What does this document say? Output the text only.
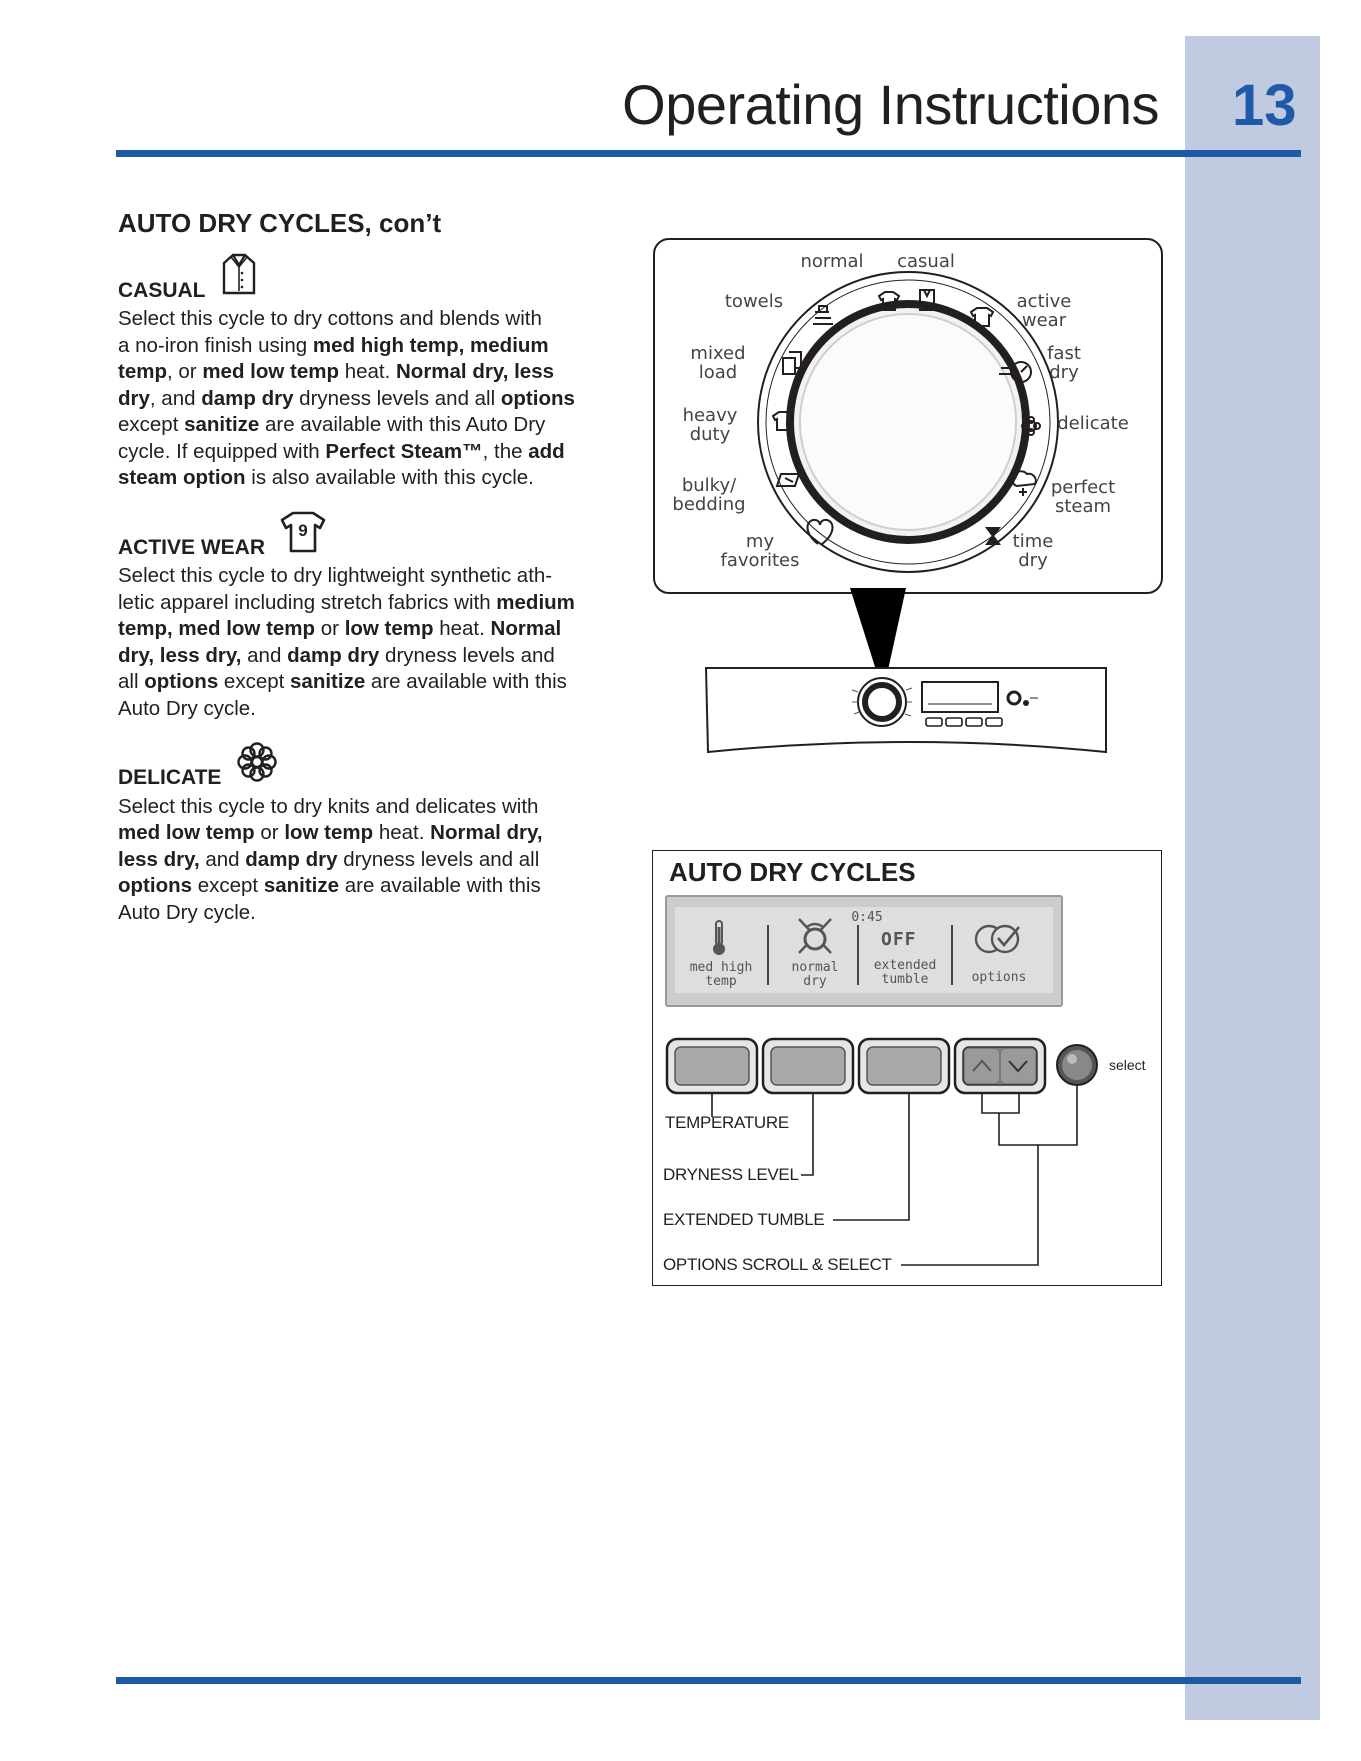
Operating Instructions 13
AUTO DRY CYCLES, con’t
CASUAL

Select this cycle to dry cottons and blends with

a no-iron finish using med high temp, medium

temp, or med low temp heat. Normal dry, less

dry, and damp dry dryness levels and all options

except sanitize are available with this Auto Dry

cycle. If equipped with Perfect Steam™, the add

steam option is also available with this cycle.

ACTIVE WEAR
9

Select this cycle to dry lightweight synthetic ath-

letic apparel including stretch fabrics with medium

temp, med low temp or low temp heat. Normal

dry, less dry, and damp dry dryness levels and

all options except sanitize are available with this

Auto Dry cycle.

DELICATE

Select this cycle to dry knits and delicates with

med low temp or low temp heat. Normal dry,

less dry, and damp dry dryness levels and all

options except sanitize are available with this

Auto Dry cycle.

normal	casual
towels	active
wear
mixed
load
fast
dry
heavy
duty
delicate
bulky/
bedding
perfect
steam
my
favorites
time
dry
AUTO DRY CYCLES
med high
temp
normal
dry
0:45
OFF
extended
tumble	options
TEMPERATURE
DRYNESS LEVEL
EXTENDED TUMBLE
OPTIONS SCROLL & SELECT
select
